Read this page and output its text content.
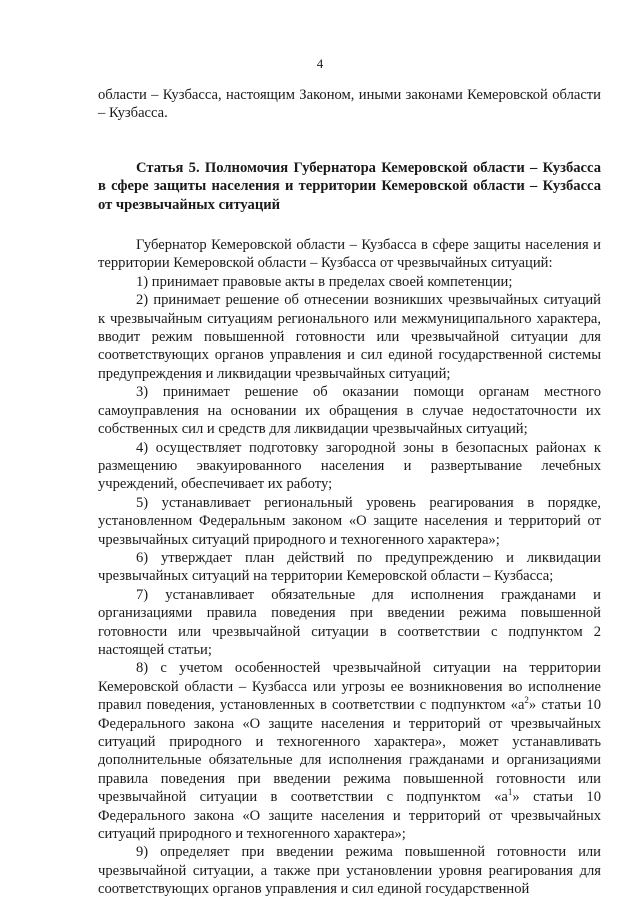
4

области – Кузбасса, настоящим Законом, иными законами Кемеровской области – Кузбасса.

Статья 5. Полномочия Губернатора Кемеровской области – Кузбасса в сфере защиты населения и территории Кемеровской области – Кузбасса от чрезвычайных ситуаций

Губернатор Кемеровской области – Кузбасса в сфере защиты населения и территории Кемеровской области – Кузбасса от чрезвычайных ситуаций:

1) принимает правовые акты в пределах своей компетенции;

2) принимает решение об отнесении возникших чрезвычайных ситуаций к чрезвычайным ситуациям регионального или межмуниципального характера, вводит режим повышенной готовности или чрезвычайной ситуации для соответствующих органов управления и сил единой государственной системы предупреждения и ликвидации чрезвычайных ситуаций;

3) принимает решение об оказании помощи органам местного самоуправления на основании их обращения в случае недостаточности их собственных сил и средств для ликвидации чрезвычайных ситуаций;

4) осуществляет подготовку загородной зоны в безопасных районах к размещению эвакуированного населения и развертывание лечебных учреждений, обеспечивает их работу;

5) устанавливает региональный уровень реагирования в порядке, установленном Федеральным законом «О защите населения и территорий от чрезвычайных ситуаций природного и техногенного характера»;

6) утверждает план действий по предупреждению и ликвидации чрезвычайных ситуаций на территории Кемеровской области – Кузбасса;

7) устанавливает обязательные для исполнения гражданами и организациями правила поведения при введении режима повышенной готовности или чрезвычайной ситуации в соответствии с подпунктом 2 настоящей статьи;

8) с учетом особенностей чрезвычайной ситуации на территории Кемеровской области – Кузбасса или угрозы ее возникновения во исполнение правил поведения, установленных в соответствии с подпунктом «$а^2$» статьи 10 Федерального закона «О защите населения и территорий от чрезвычайных ситуаций природного и техногенного характера», может устанавливать дополнительные обязательные для исполнения гражданами и организациями правила поведения при введении режима повышенной готовности или чрезвычайной ситуации в соответствии с подпунктом «$а^1$» статьи 10 Федерального закона «О защите населения и территорий от чрезвычайных ситуаций природного и техногенного характера»;

9) определяет при введении режима повышенной готовности или чрезвычайной ситуации, а также при установлении уровня реагирования для соответствующих органов управления и сил единой государственной
